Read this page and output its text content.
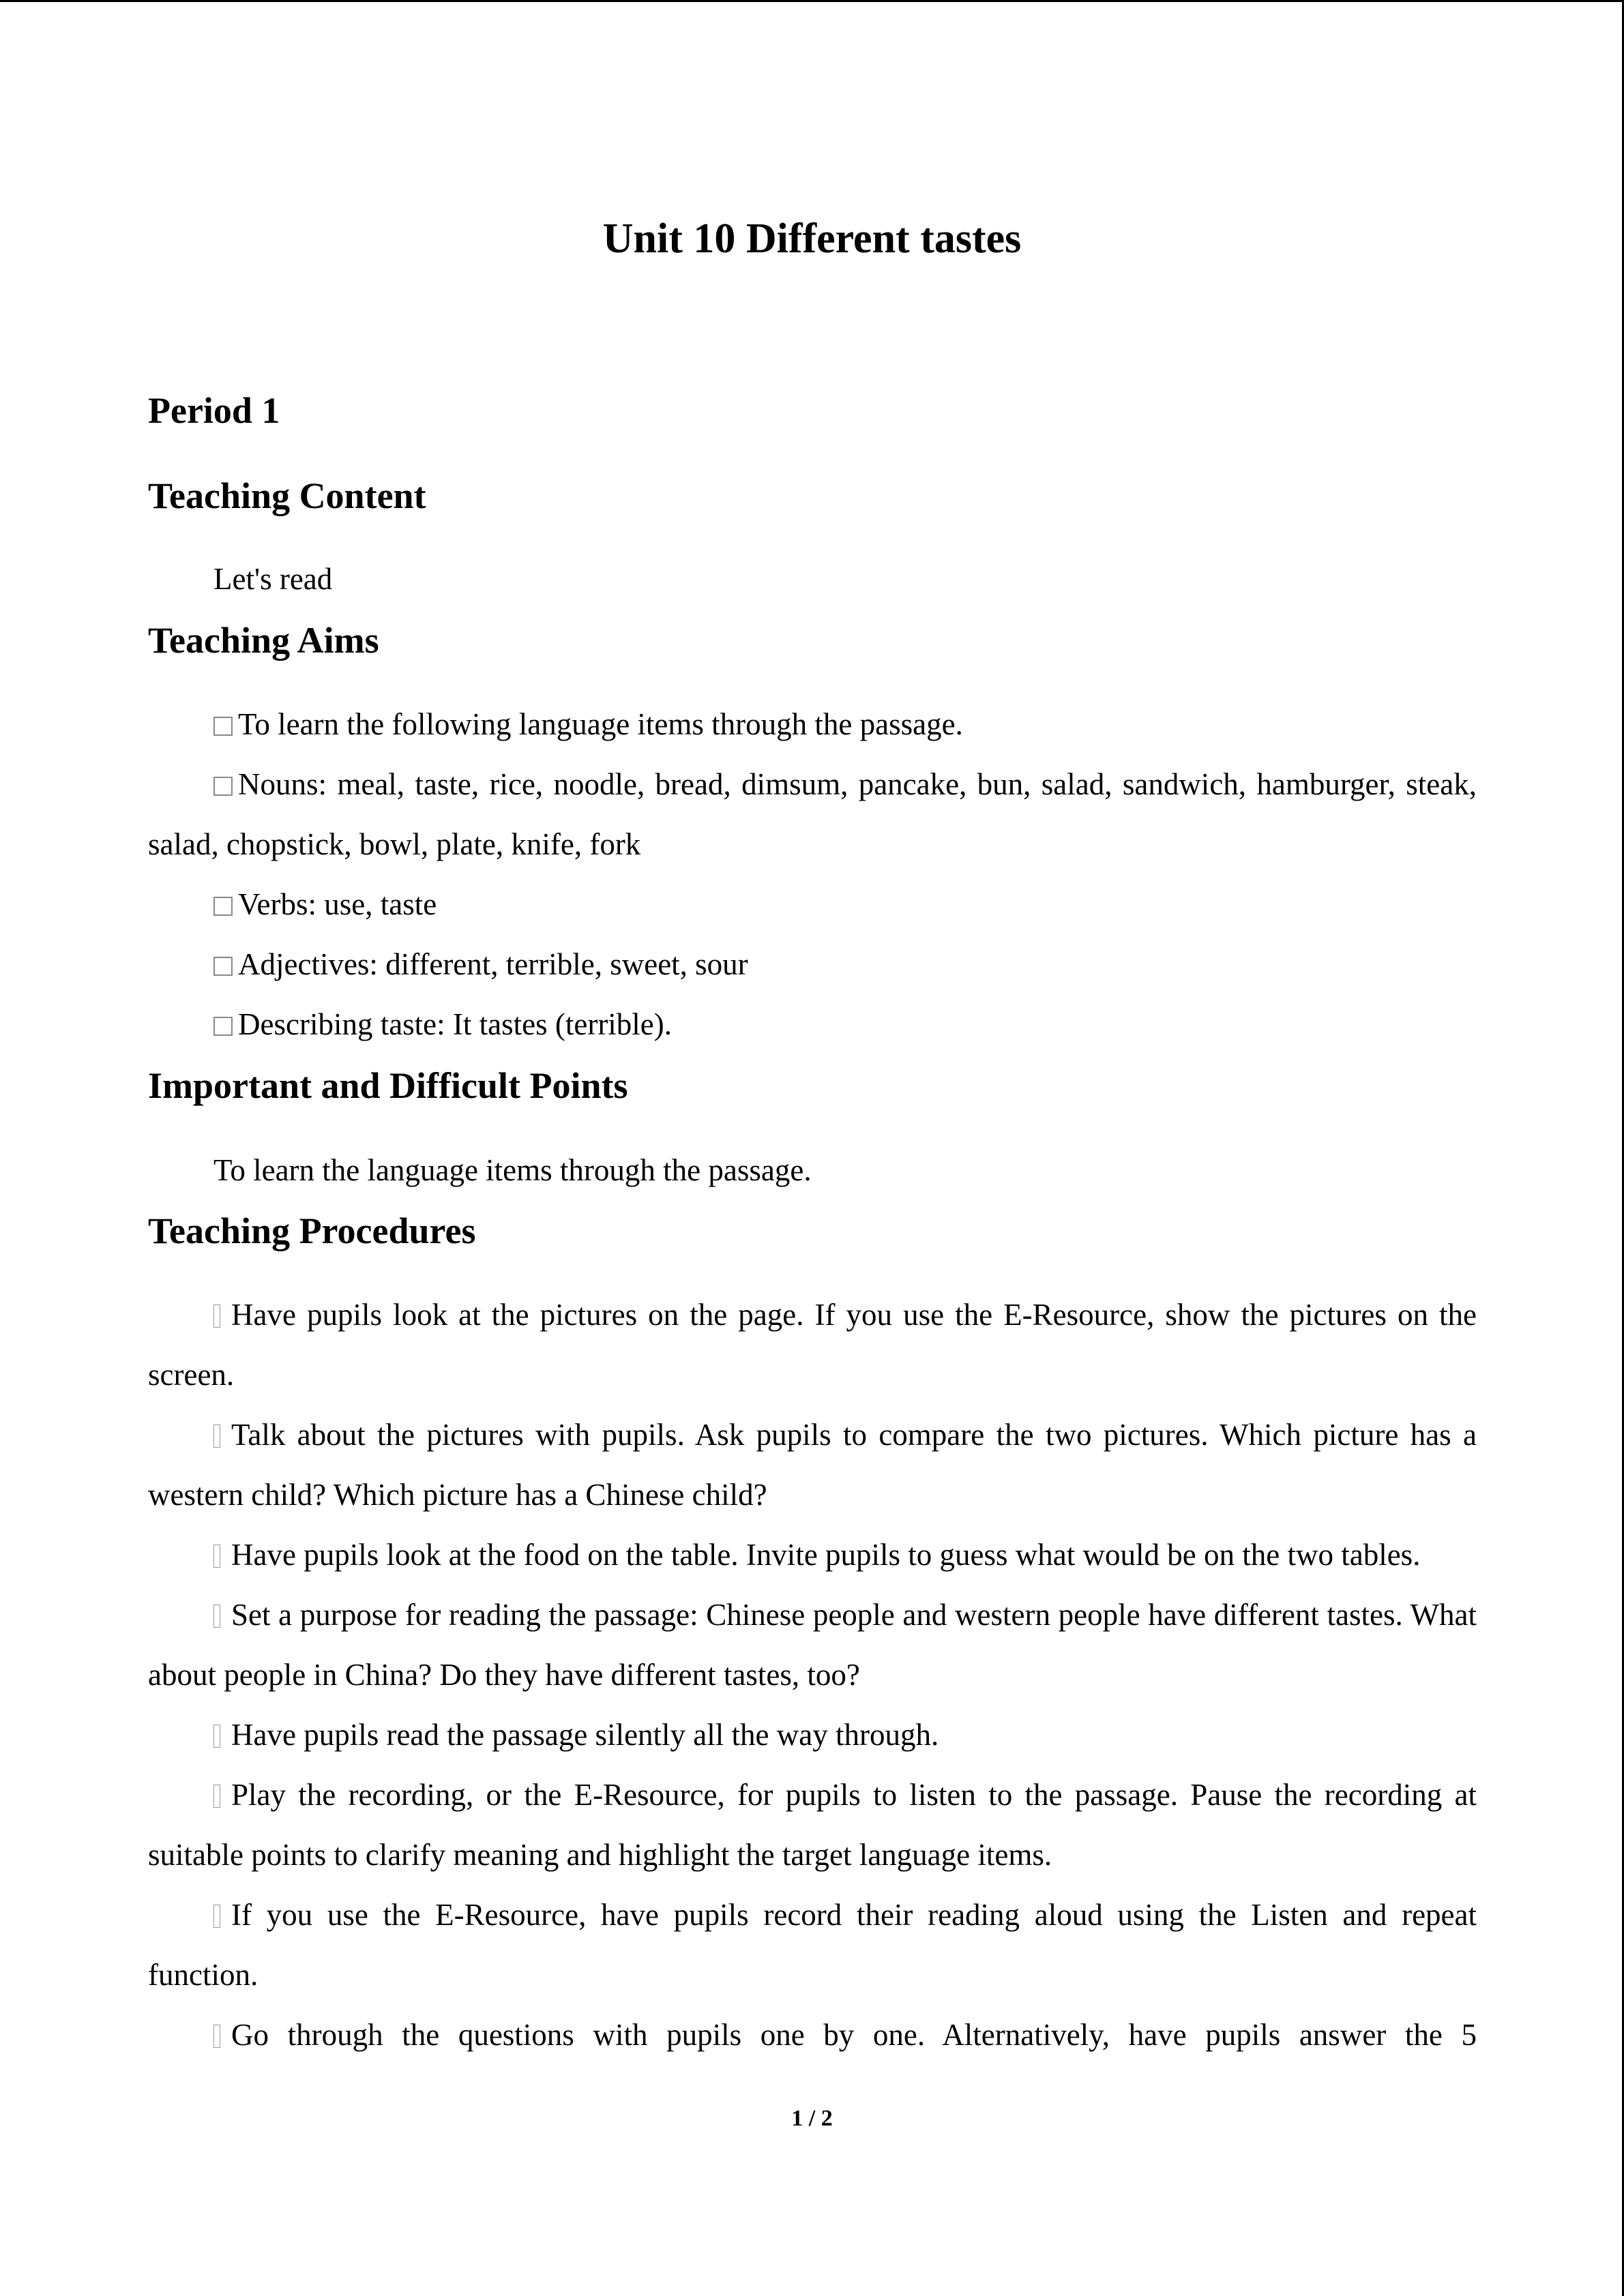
Unit 10 Different tastes
Period 1
Teaching Content
Let's read
Teaching Aims
To learn the following language items through the passage.
Nouns: meal, taste, rice, noodle, bread, dimsum, pancake, bun, salad, sandwich, hamburger, steak, salad, chopstick, bowl, plate, knife, fork
Verbs: use, taste
Adjectives: different, terrible, sweet, sour
Describing taste: It tastes (terrible).
Important and Difficult Points
To learn the language items through the passage.
Teaching Procedures
Have pupils look at the pictures on the page. If you use the E-Resource, show the pictures on the screen.
Talk about the pictures with pupils. Ask pupils to compare the two pictures. Which picture has a western child? Which picture has a Chinese child?
Have pupils look at the food on the table. Invite pupils to guess what would be on the two tables.
Set a purpose for reading the passage: Chinese people and western people have different tastes. What about people in China? Do they have different tastes, too?
Have pupils read the passage silently all the way through.
Play the recording, or the E-Resource, for pupils to listen to the passage. Pause the recording at suitable points to clarify meaning and highlight the target language items.
If you use the E-Resource, have pupils record their reading aloud using the Listen and repeat function.
Go through the questions with pupils one by one. Alternatively, have pupils answer the 5
1 / 2
